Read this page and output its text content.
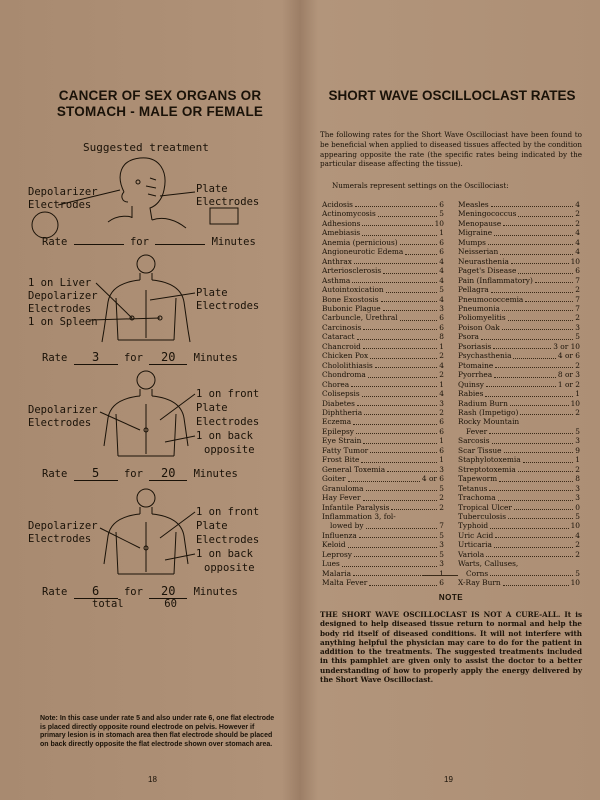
CANCER OF SEX ORGANS OR STOMACH - MALE OR FEMALE
Suggested treatment
Depolarizer
Electrodes
Plate
Electrodes
Rate	for	Minutes
1 on Liver
Depolarizer
Electrodes
1 on Spleen
Plate
Electrodes
Rate 3 for 20 Minutes
Depolarizer
Electrodes
1 on front
Plate
Electrodes
1 on back
opposite
Rate 5 for 20 Minutes
Depolarizer
Electrodes
1 on front
Plate
Electrodes
1 on back
opposite
Rate 6 for 20 Minutes
total	60
Note: In this case under rate 5 and also under rate 6, one flat electrode is placed directly opposite round electrode on pelvis. However if primary lesion is in stomach area then flat electrode should be placed on back directly opposite the flat electrode shown over stomach area.
18
SHORT WAVE OSCILLOCLAST RATES
The following rates for the Short Wave Oscillociast have been found to be beneficial when applied to diseased tissues affected by the condition appearing opposite the rate (the specific rates being indicated by the particular disease affecting the tissue).
Numerals represent settings on the Oscillociast:
Acidosis	6
Actinomycosis	5
Adhesions	10
Amebiasis	1
Anemia (pernicious)	6
Angioneurotic Edema	6
Anthrax	4
Arteriosclerosis	4
Asthma	4
Autointoxication	5
Bone Exostosis	4
Bubonic Plague	3
Carbuncle, Urethral	6
Carcinosis	6
Cataract	8
Chancroid	1
Chicken Pox	2
Chololithiasis	4
Chondroma	2
Chorea	1
Colisepsis	4
Diabetes	3
Diphtheria	2
Eczema	6
Epilepsy	6
Eye Strain	1
Fatty Tumor	6
Frost Bite	1
General Toxemia	3
Goiter	4 or 6
Granuloma	5
Hay Fever	2
Infantile Paralysis	2
Inflammation 3, fol-
lowed by	7
Influenza	5
Keloid	3
Leprosy	5
Lues	3
Malaria	1
Malta Fever	6
Measles	4
Meningococcus	2
Menopause	2
Migraine	4
Mumps	4
Neisserian	4
Neurasthenia	10
Paget's Disease	6
Pain (Inflammatory)	7
Pellagra	2
Pneumococcemia	7
Pneumonia	7
Poliomyelitis	2
Poison Oak	3
Psora	5
Psoriasis	3 or 10
Psychasthenia	4 or 6
Ptomaine	2
Pyorrhea	8 or 3
Quinsy	1 or 2
Rabies	1
Radium Burn	10
Rash (Impetigo)	2
Rocky Mountain
Fever	5
Sarcosis	3
Scar Tissue	9
Staphylotoxemia	1
Streptotoxemia	2
Tapeworm	8
Tetanus	3
Trachoma	3
Tropical Ulcer	0
Tuberculosis	5
Typhoid	10
Uric Acid	4
Urticaria	2
Variola	2
Warts, Calluses,
Corns	5
X-Ray Burn	10
NOTE
THE SHORT WAVE OSCILLOCLAST IS NOT A CURE-ALL. It is designed to help diseased tissue return to normal and help the body rid itself of diseased conditions. It will not interfere with anything helpful the physician may care to do for the patient in addition to the treatments. The suggested treatments included in this pamphlet are given only to assist the doctor to a better understanding of how to properly apply the energy delivered by the Short Wave Oscillociast.
19
